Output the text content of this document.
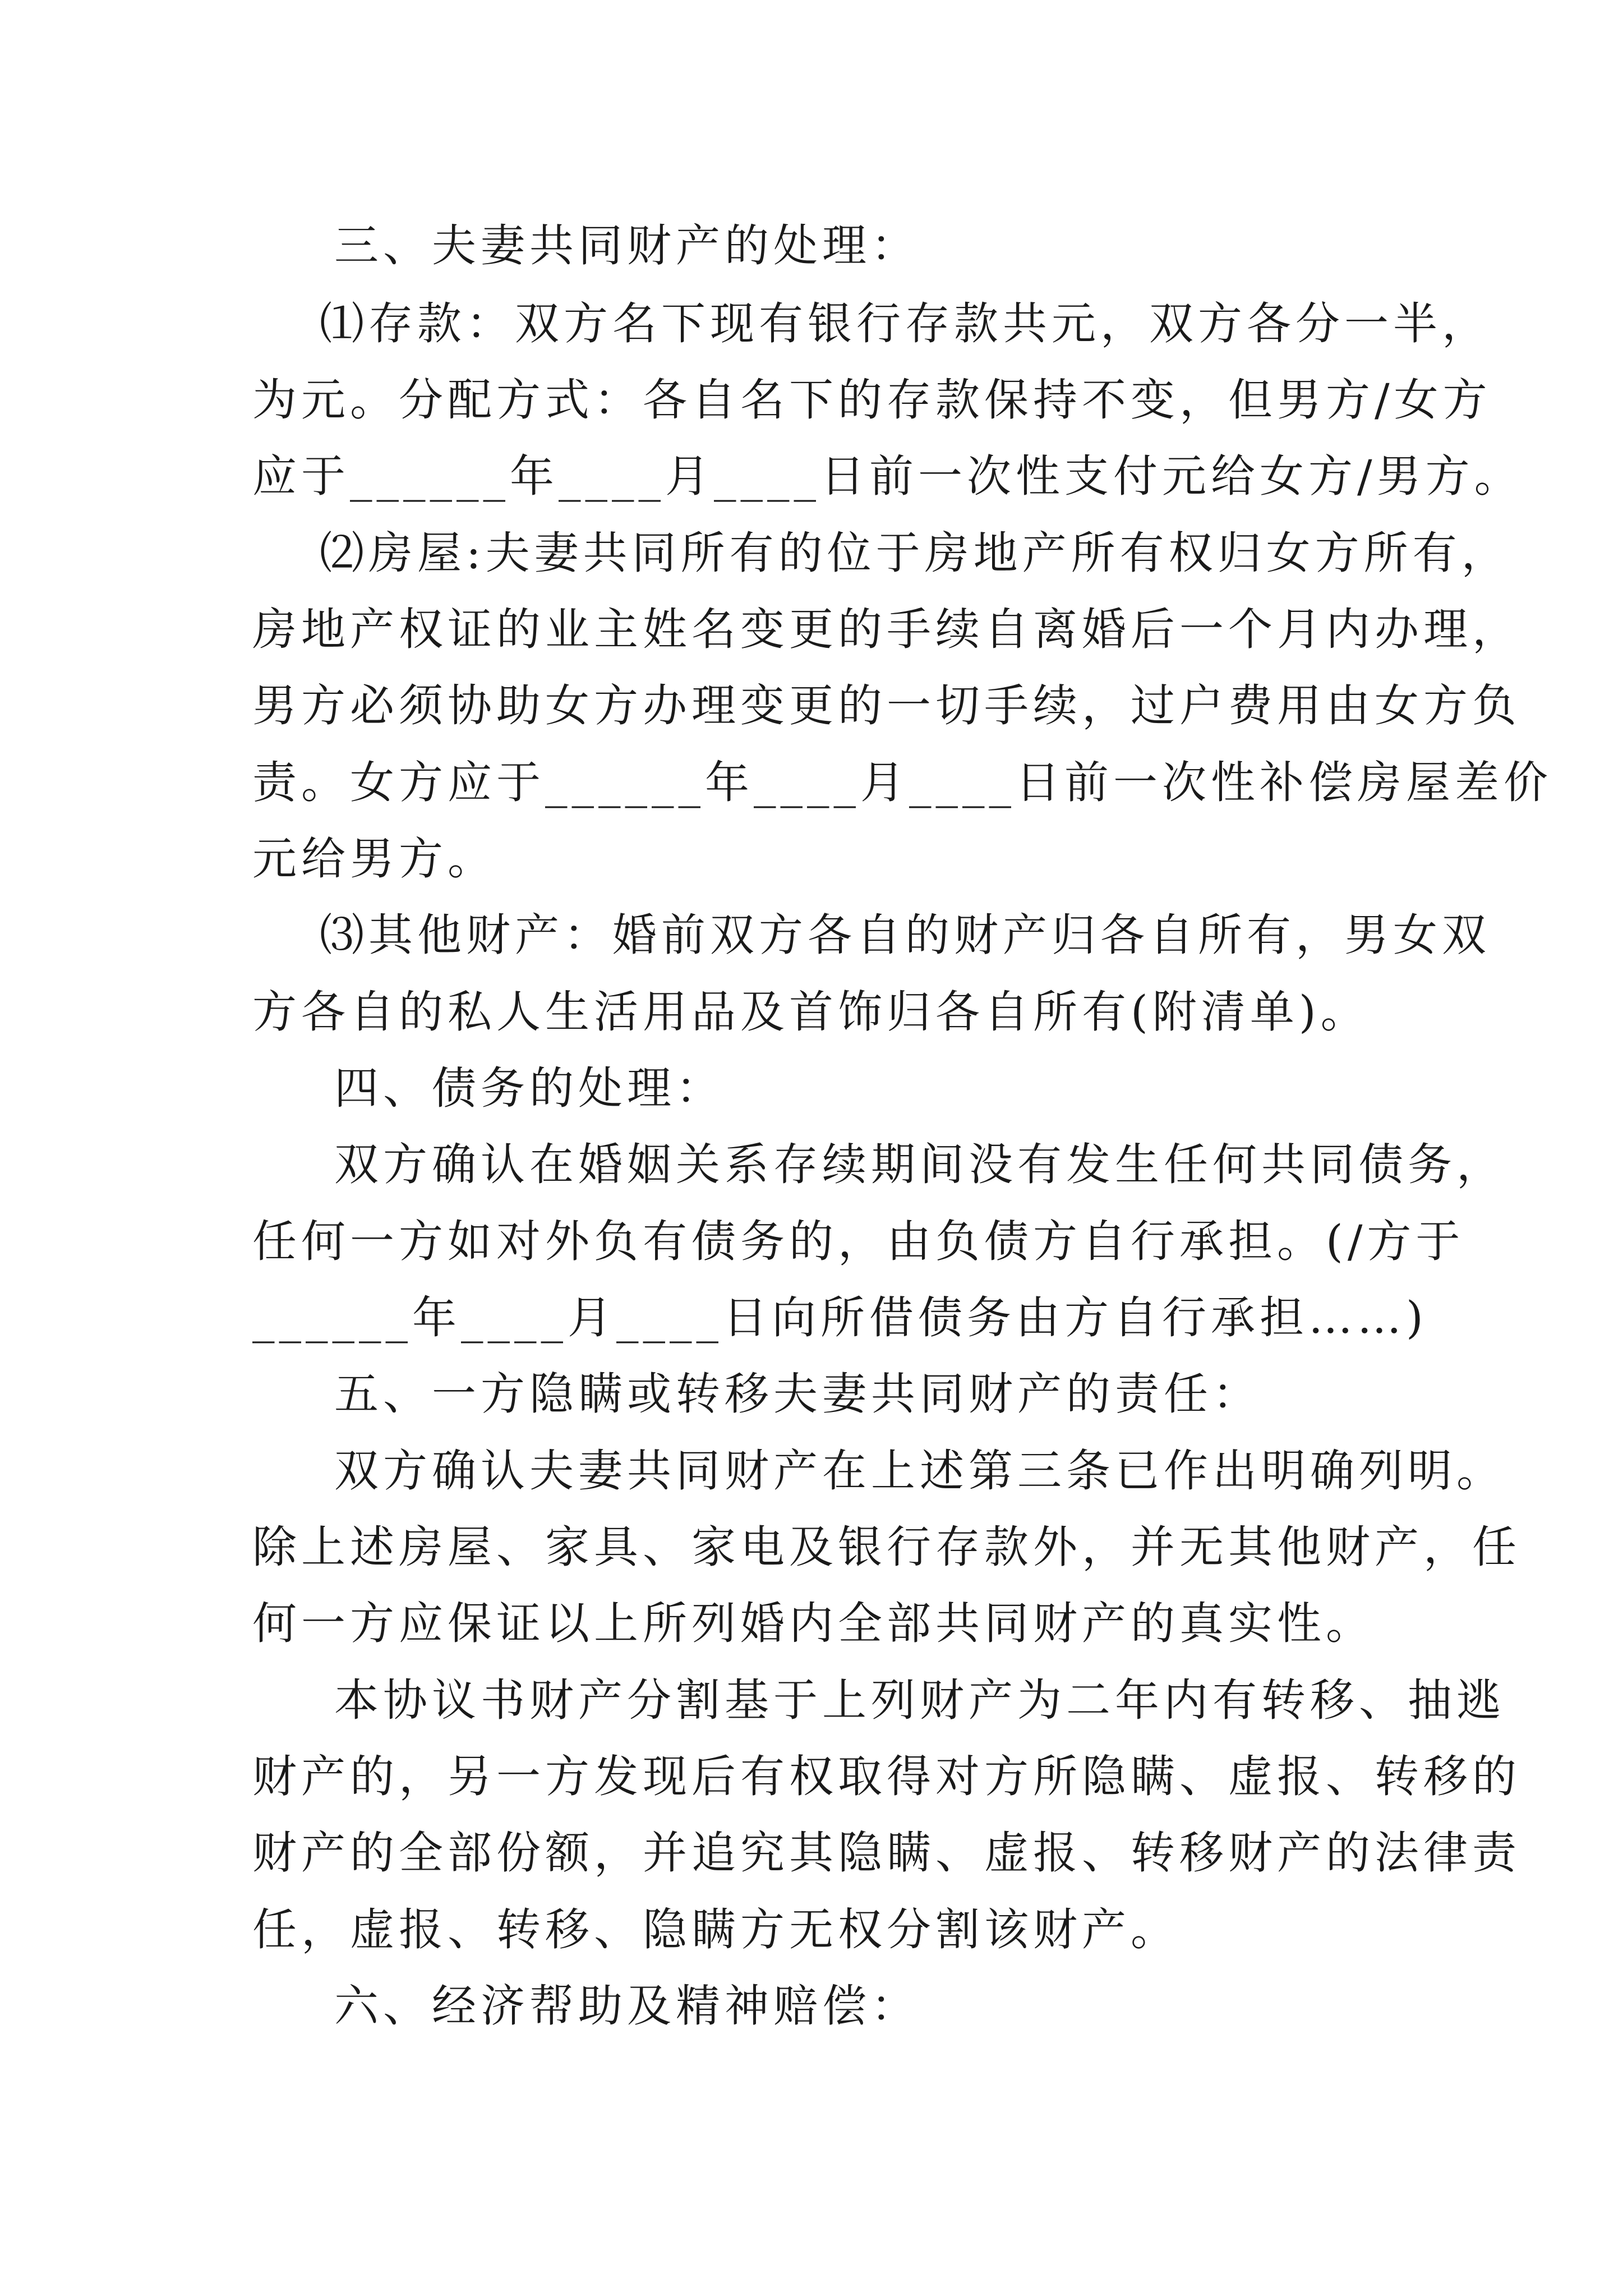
三、夫妻共同财产的处理：
⑴存款：双方名下现有银行存款共元，双方各分一半，
为元。分配方式：各自名下的存款保持不变，但男方/女方
应于______年____月____日前一次性支付元给女方/男方。
⑵房屋:夫妻共同所有的位于房地产所有权归女方所有，
房地产权证的业主姓名变更的手续自离婚后一个月内办理，
男方必须协助女方办理变更的一切手续，过户费用由女方负
责。女方应于______年____月____日前一次性补偿房屋差价
元给男方。
⑶其他财产：婚前双方各自的财产归各自所有，男女双
方各自的私人生活用品及首饰归各自所有(附清单)。
四、债务的处理：
双方确认在婚姻关系存续期间没有发生任何共同债务，
任何一方如对外负有债务的，由负债方自行承担。(/方于
______年____月____日向所借债务由方自行承担……)
五、一方隐瞒或转移夫妻共同财产的责任：
双方确认夫妻共同财产在上述第三条已作出明确列明。
除上述房屋、家具、家电及银行存款外，并无其他财产，任
何一方应保证以上所列婚内全部共同财产的真实性。
本协议书财产分割基于上列财产为二年内有转移、抽逃
财产的，另一方发现后有权取得对方所隐瞒、虚报、转移的
财产的全部份额，并追究其隐瞒、虚报、转移财产的法律责
任，虚报、转移、隐瞒方无权分割该财产。
六、经济帮助及精神赔偿：
